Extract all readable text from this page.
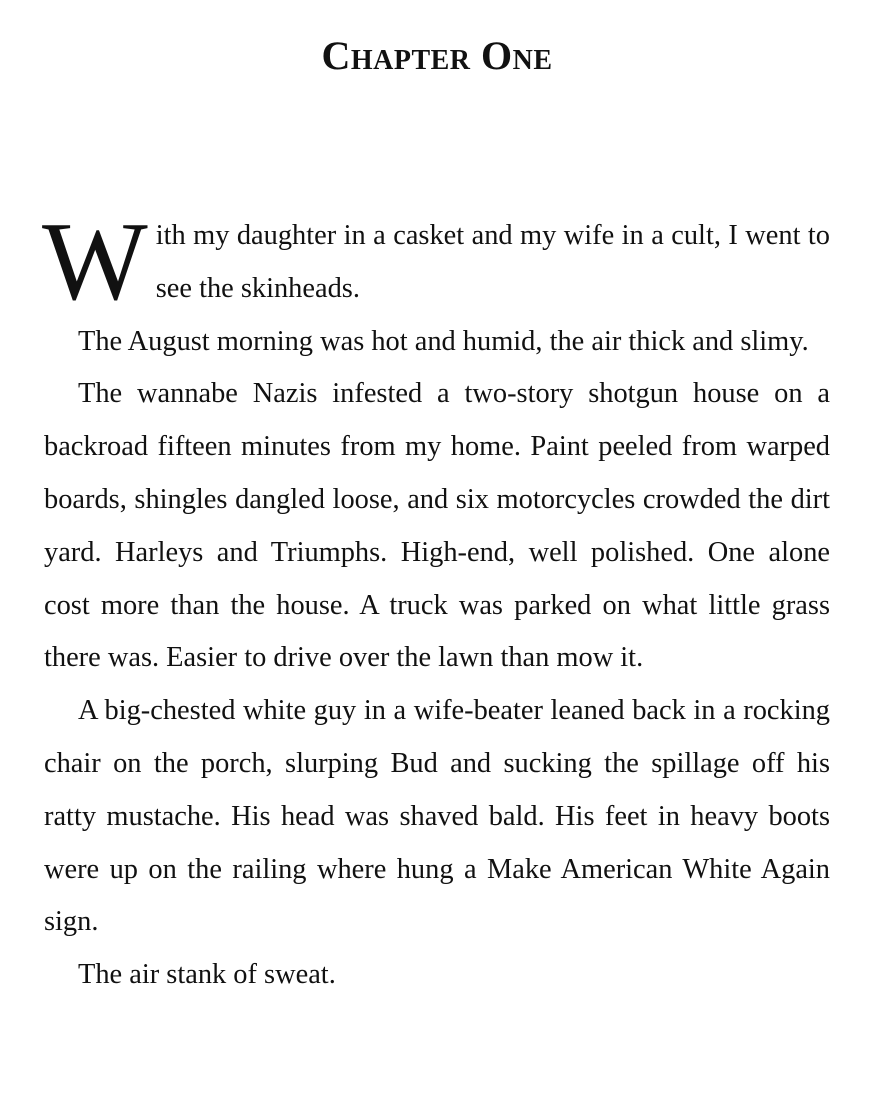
Chapter One

With my daughter in a casket and my wife in a cult, I went to see the skinheads.

The August morning was hot and humid, the air thick and slimy.

The wannabe Nazis infested a two-story shotgun house on a backroad fifteen minutes from my home. Paint peeled from warped boards, shingles dangled loose, and six motorcycles crowded the dirt yard. Harleys and Triumphs. High-end, well polished. One alone cost more than the house. A truck was parked on what little grass there was. Easier to drive over the lawn than mow it.

A big-chested white guy in a wife-beater leaned back in a rocking chair on the porch, slurping Bud and sucking the spillage off his ratty mustache. His head was shaved bald. His feet in heavy boots were up on the railing where hung a Make American White Again sign.

The air stank of sweat.
